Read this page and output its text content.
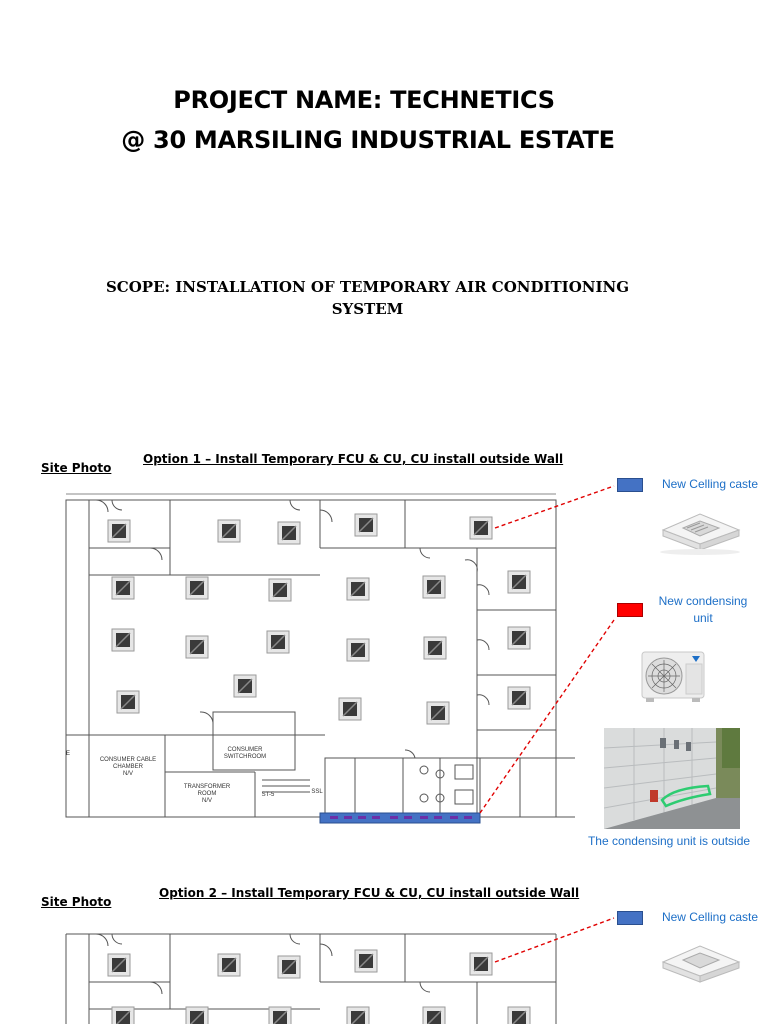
PROJECT NAME: TECHNETICS
@ 30 MARSILING INDUSTRIAL ESTATE
SCOPE: INSTALLATION OF TEMPORARY AIR CONDITIONING
SYSTEM
Site Photo
Option 1 – Install Temporary FCU & CU, CU install outside Wall
E
CONSUMER CABLE
CHAMBER
N/V
CONSUMER
SWITCHROOM
TRANSFORMER
ROOM
N/V
ST-5	SSL
New Celling caste
New condensing
unit
The condensing unit is outside
Site Photo
Option 2 – Install Temporary FCU & CU, CU install outside Wall
New Celling caste
